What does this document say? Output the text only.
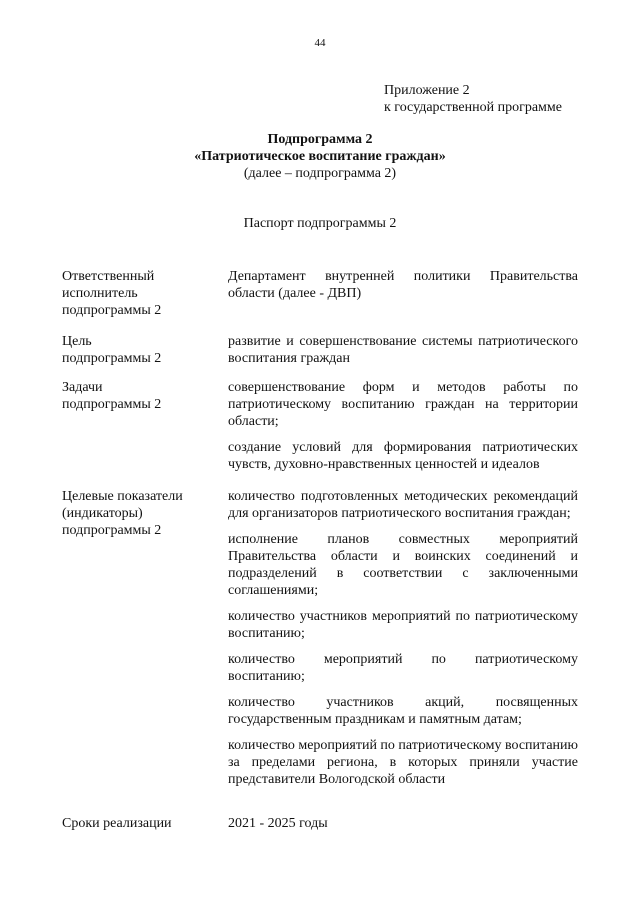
44
Приложение 2
к государственной программе
Подпрограмма 2
«Патриотическое воспитание граждан»
(далее – подпрограмма 2)
Паспорт подпрограммы 2
Ответственный исполнитель подпрограммы 2

Департамент внутренней политики Правительства области (далее - ДВП)

Цель подпрограммы 2

развитие и совершенствование системы патриотического воспитания граждан

Задачи подпрограммы 2

совершенствование форм и методов работы по патриотическому воспитанию граждан на территории области;

создание условий для формирования патриотических чувств, духовно-нравственных ценностей и идеалов

Целевые показатели (индикаторы) подпрограммы 2

количество подготовленных методических рекомендаций для организаторов патриотического воспитания граждан;

исполнение планов совместных мероприятий Правительства области и воинских соединений и подразделений в соответствии с заключенными соглашениями;

количество участников мероприятий по патриотическому воспитанию;

количество мероприятий по патриотическому воспитанию;

количество участников акций, посвященных государственным праздникам и памятным датам;

количество мероприятий по патриотическому воспитанию за пределами региона, в которых приняли участие представители Вологодской области

Сроки реализации	2021 - 2025 годы
